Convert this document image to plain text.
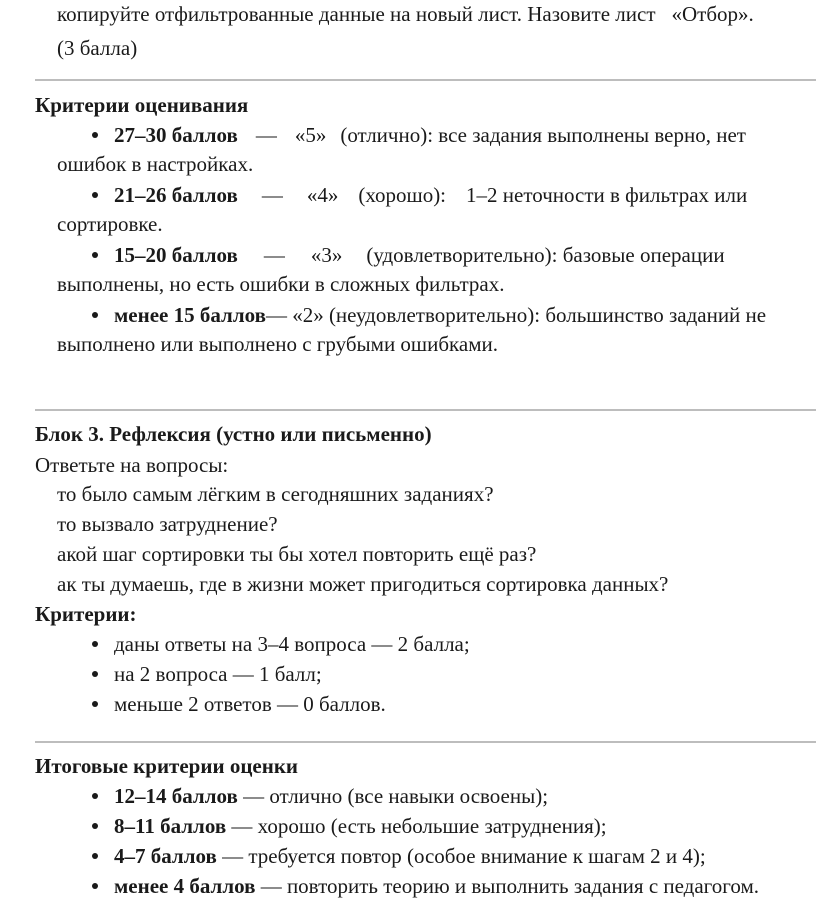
копируйте отфильтрованные данные на новый лист. Назовите лист «Отбор».
(3 балла)
Критерии оценивания
27–30 баллов — «5» (отлично): все задания выполнены верно, нет
ошибок в настройках.
21–26 баллов — «4» (хорошо): 1–2 неточности в фильтрах или
сортировке.
15–20 баллов — «3» (удовлетворительно): базовые операции
выполнены, но есть ошибки в сложных фильтрах.
менее 15 баллов— «2» (неудовлетворительно): большинство заданий не
выполнено или выполнено с грубыми ошибками.
Блок 3. Рефлексия (устно или письменно)
Ответьте на вопросы:
то было самым лёгким в сегодняшних заданиях?
то вызвало затруднение?
акой шаг сортировки ты бы хотел повторить ещё раз?
ак ты думаешь, где в жизни может пригодиться сортировка данных?
Критерии:
даны ответы на 3–4 вопроса — 2 балла;
на 2 вопроса — 1 балл;
меньше 2 ответов — 0 баллов.
Итоговые критерии оценки
12–14 баллов — отлично (все навыки освоены);
8–11 баллов — хорошо (есть небольшие затруднения);
4–7 баллов — требуется повтор (особое внимание к шагам 2 и 4);
менее 4 баллов — повторить теорию и выполнить задания с педагогом.
